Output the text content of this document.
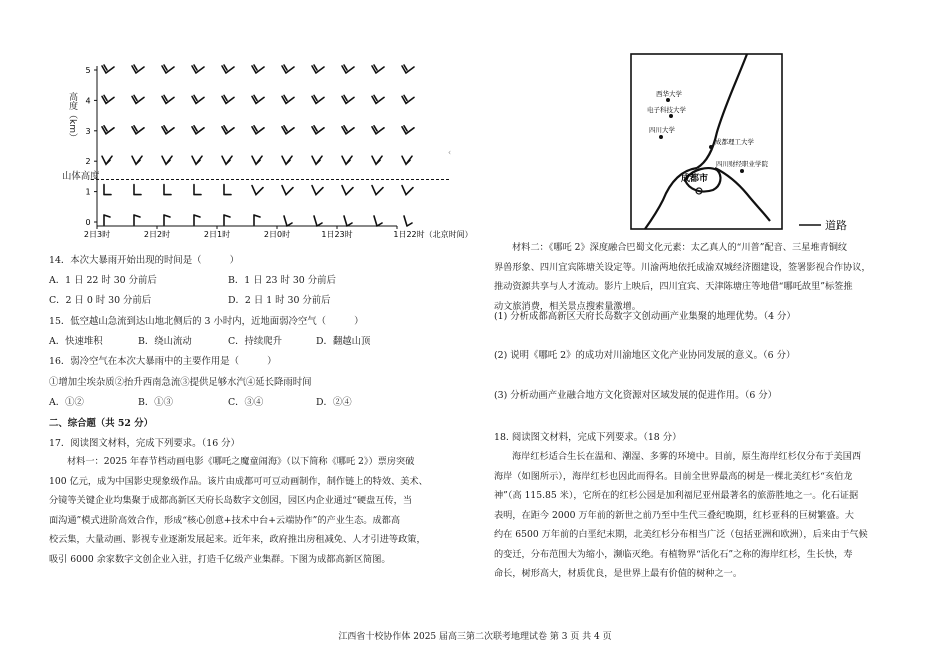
5
4
3
2
1
0
2日3时	2日2时	2日1时	2日0时	1日23时	1日22时（北京时间）
山体高度
高度（km）	西华大学
电子科技大学
四川大学
成都理工大学
四川财经职业学院
成都市
道路
‹
14．本次大暴雨开始出现的时间是（　　　）
A．1 日 22 时 30 分前后	B．1 日 23 时 30 分前后
C．2 日 0 时 30 分前后	D．2 日 1 时 30 分前后
15．低空越山急流到达山地北侧后的 3 小时内，近地面弱冷空气（　　　）
A．快速堆积	B．绕山流动	C．持续爬升	D．翻越山顶
16．弱冷空气在本次大暴雨中的主要作用是（　　　）
①增加尘埃杂质②抬升西南急流③提供足够水汽④延长降雨时间
A．①②	B．①③	C．③④	D．②④
二、综合题（共 52 分）
17．阅读图文材料，完成下列要求。（16 分）
材料一：2025 年春节档动画电影《哪吒之魔童闹海》（以下简称《哪吒 2》）票房突破
100 亿元，成为中国影史现象级作品。该片由成都可可豆动画制作，制作链上的特效、美术、
分镜等关键企业均集聚于成都高新区天府长岛数字文创园，园区内企业通过“硬盘互传，当
面沟通”模式进阶高效合作，形成“核心创意+技术中台+云端协作”的产业生态。成都高
校云集，大量动画、影视专业逐渐发展起来。近年来，政府推出房租减免、人才引进等政策，
吸引 6000 余家数字文创企业入驻，打造千亿级产业集群。下图为成都高新区简图。
材料二：《哪吒 2》深度融合巴蜀文化元素：太乙真人的“川普”配音、三星堆青铜纹
界兽形象、四川宜宾陈塘关设定等。川渝两地依托成渝双城经济圈建设，签署影视合作协议，
推动资源共享与人才流动。影片上映后，四川宜宾、天津陈塘庄等地借“哪吒故里”标签推
动文旅消费，相关景点搜索量激增。
(1) 分析成都高新区天府长岛数字文创动画产业集聚的地理优势。（4 分）
(2) 说明《哪吒 2》的成功对川渝地区文化产业协同发展的意义。（6 分）
(3) 分析动画产业融合地方文化资源对区域发展的促进作用。（6 分）
18. 阅读图文材料，完成下列要求。（18 分）
海岸红杉适合生长在温和、潮湿、多雾的环境中。目前，原生海岸红杉仅分布于美国西
海岸（如图所示），海岸红杉也因此而得名。目前全世界最高的树是一棵北美红杉“亥伯龙
神”（高 115.85 米），它所在的红杉公园是加利福尼亚州最著名的旅游胜地之一。化石证据
表明，在距今 2000 万年前的新世之前乃至中生代三叠纪晚期，红杉亚科的巨树繁盛。大
约在 6500 万年前的白垩纪末期，北美红杉分布相当广泛（包括亚洲和欧洲），后来由于气候
的变迁，分布范围大为缩小，濒临灭绝。有植物界“活化石”之称的海岸红杉，生长快，寿
命长，树形高大，材质优良，是世界上最有价值的树种之一。
江西省十校协作体 2025 届高三第二次联考地理试卷 第 3 页 共 4 页
